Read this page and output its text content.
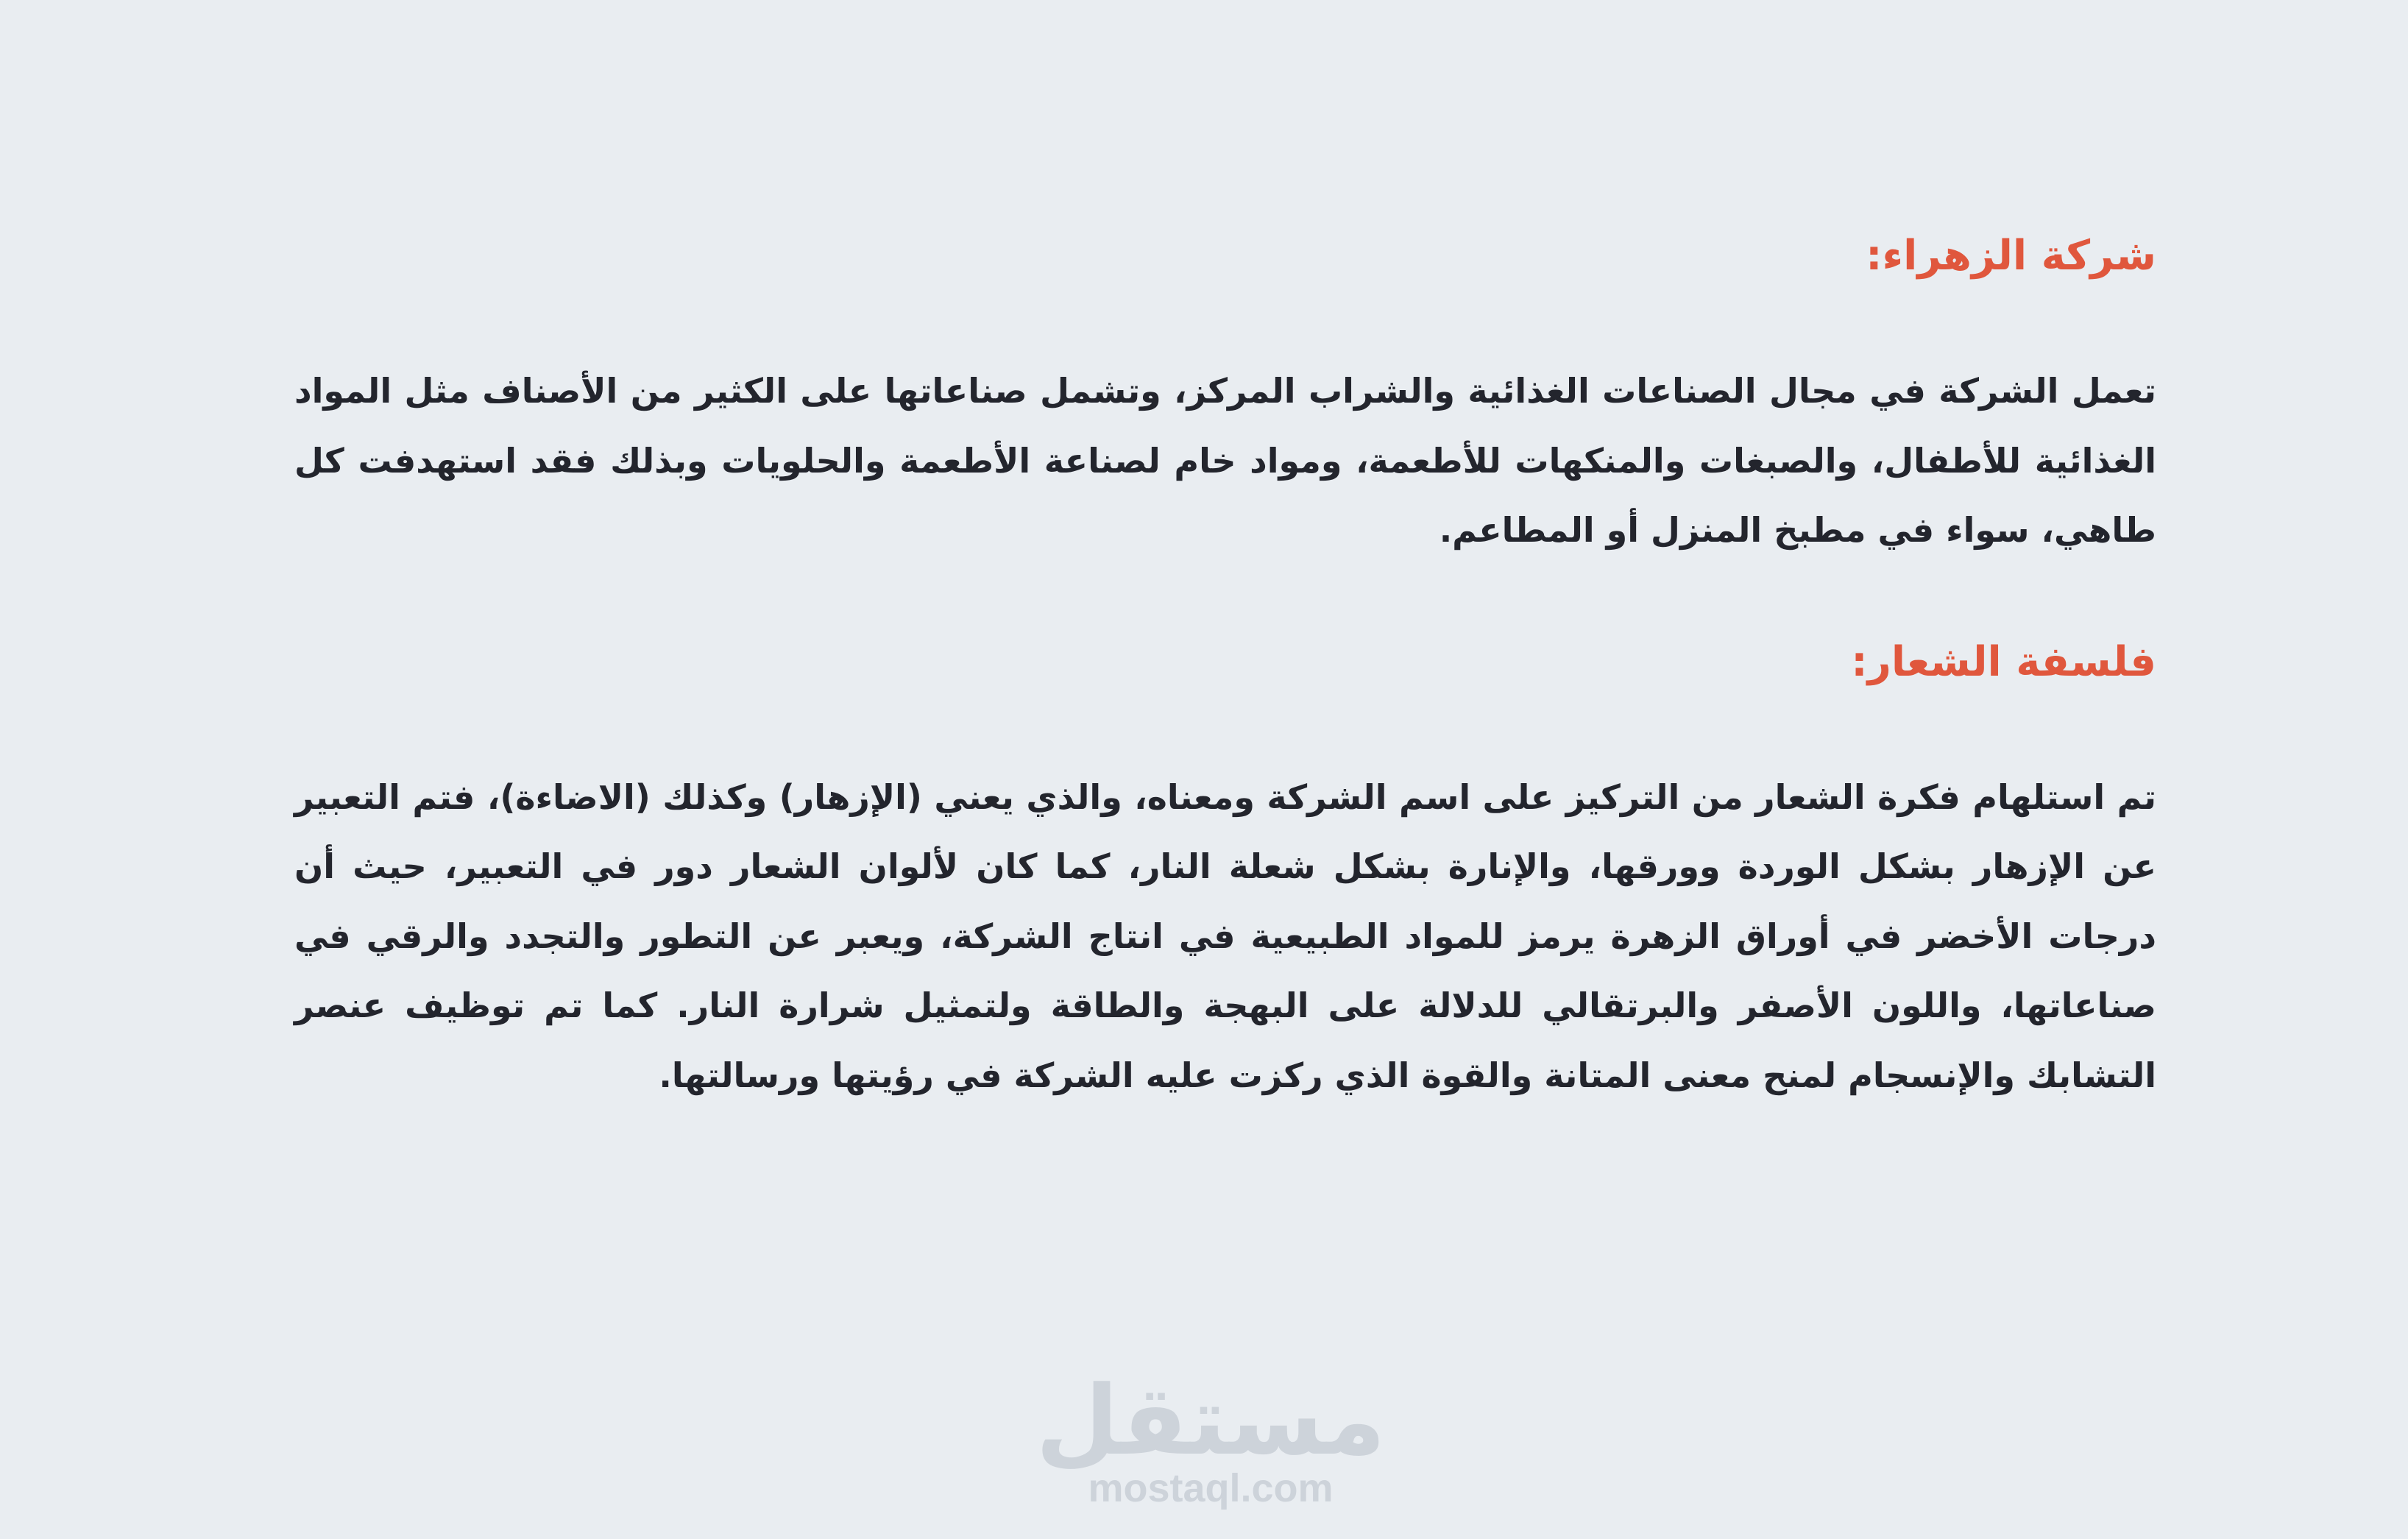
شركة الزهراء:

تعمل الشركة في مجال الصناعات الغذائية والشراب المركز، وتشمل صناعاتها على الكثير من الأصناف مثل المواد الغذائية للأطفال، والصبغات والمنكهات للأطعمة، ومواد خام لصناعة الأطعمة والحلويات وبذلك فقد استهدفت كل طاهي، سواء في مطبخ المنزل أو المطاعم.

فلسفة الشعار:

تم استلهام فكرة الشعار من التركيز على اسم الشركة ومعناه، والذي يعني (الإزهار) وكذلك (الاضاءة)، فتم التعبير عن الإزهار بشكل الوردة وورقها، والإنارة بشكل شعلة النار، كما كان لألوان الشعار دور في التعبير، حيث أن درجات الأخضر في أوراق الزهرة يرمز للمواد الطبيعية في انتاج الشركة، ويعبر عن التطور والتجدد والرقي في صناعاتها، واللون الأصفر والبرتقالي للدلالة على البهجة والطاقة ولتمثيل شرارة النار. كما تم توظيف عنصر التشابك والإنسجام لمنح معنى المتانة والقوة الذي ركزت عليه الشركة في رؤيتها ورسالتها.

مستقل
mostaql.com
